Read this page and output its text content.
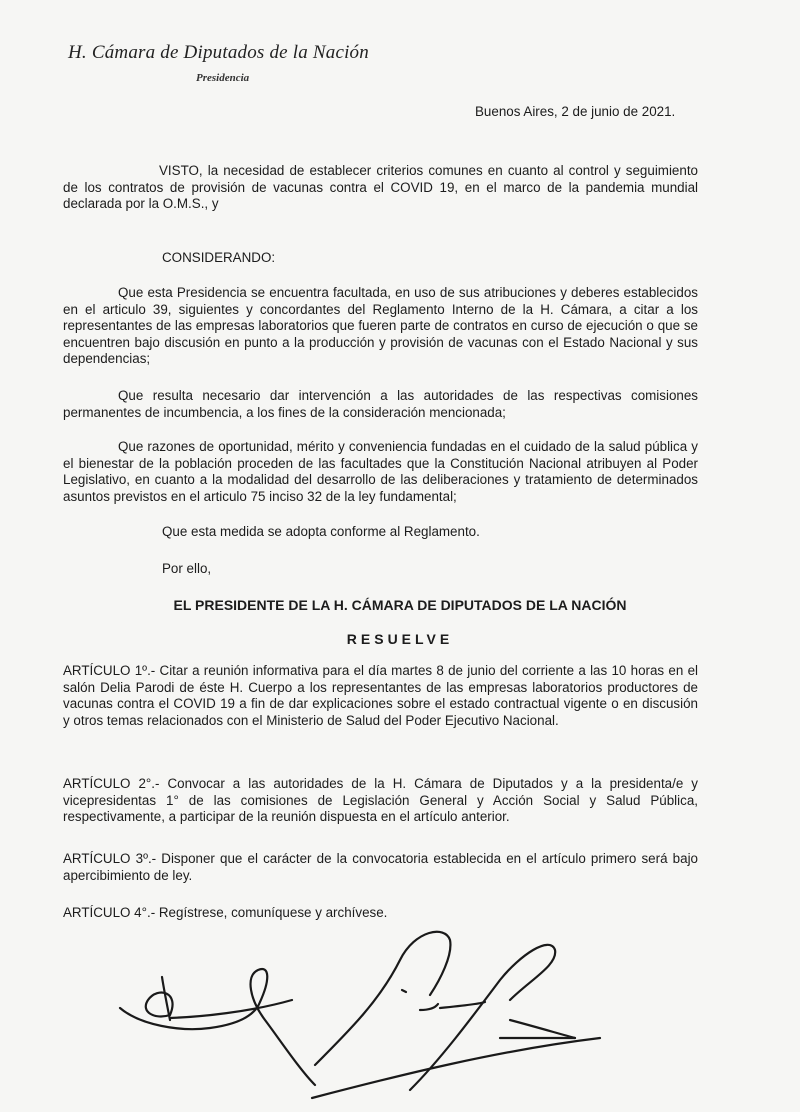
H. Cámara de Diputados de la Nación
Presidencia
Buenos Aires, 2 de junio de 2021.
VISTO, la necesidad de establecer criterios comunes en cuanto al control y seguimiento de los contratos de provisión de vacunas contra el COVID 19, en el marco de la pandemia mundial declarada por la O.M.S., y
CONSIDERANDO:
Que esta Presidencia se encuentra facultada, en uso de sus atribuciones y deberes establecidos en el articulo 39, siguientes y concordantes del Reglamento Interno de la H. Cámara, a citar a los representantes de las empresas laboratorios que fueren parte de contratos en curso de ejecución o que se encuentren bajo discusión en punto a la producción y provisión de vacunas con el Estado Nacional y sus dependencias;
Que resulta necesario dar intervención a las autoridades de las respectivas comisiones permanentes de incumbencia, a los fines de la consideración mencionada;
Que razones de oportunidad, mérito y conveniencia fundadas en el cuidado de la salud pública y el bienestar de la población proceden de las facultades que la Constitución Nacional atribuyen al Poder Legislativo, en cuanto a la modalidad del desarrollo de las deliberaciones y tratamiento de determinados asuntos previstos en el articulo 75 inciso 32 de la ley fundamental;
Que esta medida se adopta conforme al Reglamento.
Por ello,
EL PRESIDENTE DE LA H. CÁMARA DE DIPUTADOS DE LA NACIÓN
RESUELVE
ARTÍCULO 1º.- Citar a reunión informativa para el día martes 8 de junio del corriente a las 10 horas en el salón Delia Parodi de éste H. Cuerpo a los representantes de las empresas laboratorios productores de vacunas contra el COVID 19 a fin de dar explicaciones sobre el estado contractual vigente o en discusión y otros temas relacionados con el Ministerio de Salud del Poder Ejecutivo Nacional.
ARTÍCULO 2°.- Convocar a las autoridades de la H. Cámara de Diputados y a la presidenta/e y vicepresidentas 1° de las comisiones de Legislación General y Acción Social y Salud Pública, respectivamente, a participar de la reunión dispuesta en el artículo anterior.
ARTÍCULO 3º.- Disponer que el carácter de la convocatoria establecida en el artículo primero será bajo apercibimiento de ley.
ARTÍCULO 4°.- Regístrese, comuníquese y archívese.
